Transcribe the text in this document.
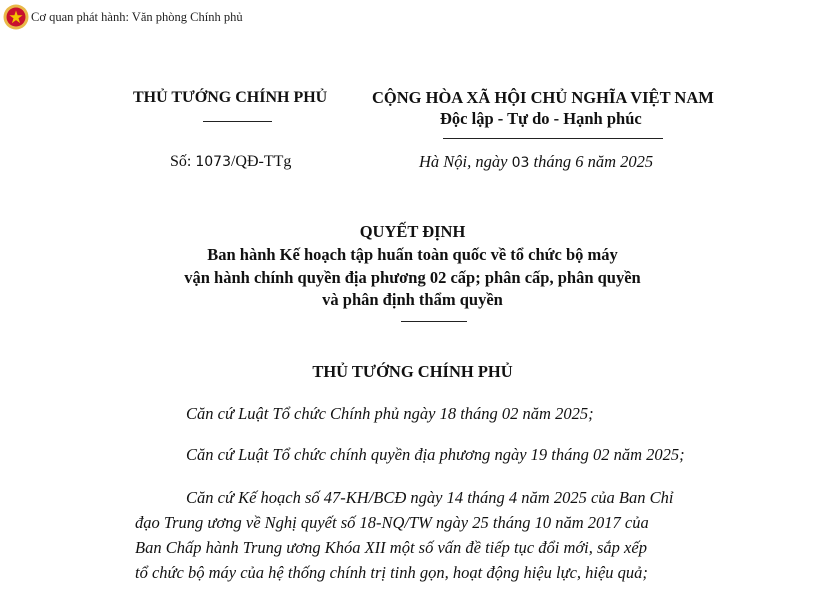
Cơ quan phát hành: Văn phòng Chính phủ
THỦ TƯỚNG CHÍNH PHỦ	CỘNG HÒA XÃ HỘI CHỦ NGHĨA VIỆT NAM
Độc lập - Tự do - Hạnh phúc
Số: 1073/QĐ-TTg	Hà Nội, ngày 03 tháng 6 năm 2025
QUYẾT ĐỊNH
Ban hành Kế hoạch tập huấn toàn quốc về tổ chức bộ máy
vận hành chính quyền địa phương 02 cấp; phân cấp, phân quyền
và phân định thẩm quyền
THỦ TƯỚNG CHÍNH PHỦ
Căn cứ Luật Tổ chức Chính phủ ngày 18 tháng 02 năm 2025;
Căn cứ Luật Tổ chức chính quyền địa phương ngày 19 tháng 02 năm 2025;
Căn cứ Kế hoạch số 47-KH/BCĐ ngày 14 tháng 4 năm 2025 của Ban Chỉ
đạo Trung ương về Nghị quyết số 18-NQ/TW ngày 25 tháng 10 năm 2017 của
Ban Chấp hành Trung ương Khóa XII một số vấn đề tiếp tục đổi mới, sắp xếp
tổ chức bộ máy của hệ thống chính trị tinh gọn, hoạt động hiệu lực, hiệu quả;
